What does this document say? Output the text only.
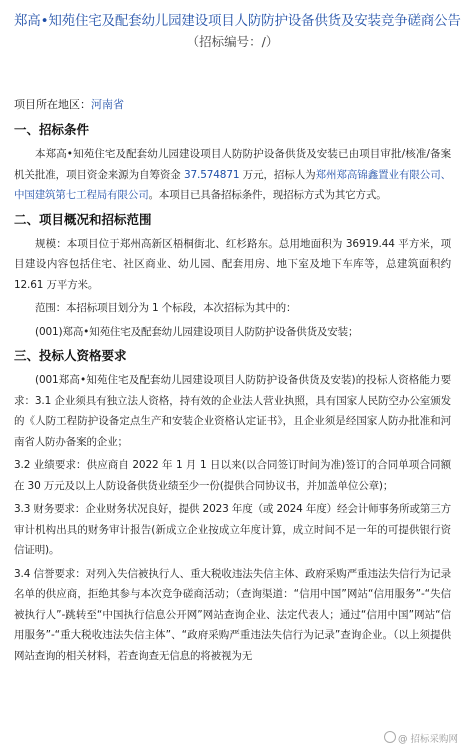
郑高•知苑住宅及配套幼儿园建设项目人防防护设备供货及安装竞争磋商公告

（招标编号：/）

项目所在地区：河南省

一、招标条件

本郑高•知苑住宅及配套幼儿园建设项目人防防护设备供货及安装已由项目审批/核准/备案机关批准，项目资金来源为自筹资金 37.574871 万元，招标人为郑州郑高锦鑫置业有限公司、中国建筑第七工程局有限公司。本项目已具备招标条件，现招标方式为其它方式。

二、项目概况和招标范围

规模：本项目位于郑州高新区梧桐街北、红杉路东。总用地面积为 36919.44 平方米，项目建设内容包括住宅、社区商业、幼儿园、配套用房、地下室及地下车库等，总建筑面积约 12.61 万平方米。

范围：本招标项目划分为 1 个标段，本次招标为其中的：

(001)郑高•知苑住宅及配套幼儿园建设项目人防防护设备供货及安装；

三、投标人资格要求

(001郑高•知苑住宅及配套幼儿园建设项目人防防护设备供货及安装)的投标人资格能力要求：3.1 企业须具有独立法人资格，持有效的企业法人营业执照，具有国家人民防空办公室颁发的《人防工程防护设备定点生产和安装企业资格认定证书》，且企业须是经国家人防办批准和河南省人防办备案的企业；

3.2 业绩要求：供应商自 2022 年 1 月 1 日以来(以合同签订时间为准)签订的合同单项合同额在 30 万元及以上人防设备供货业绩至少一份(提供合同协议书，并加盖单位公章)；

3.3 财务要求：企业财务状况良好，提供 2023 年度（或 2024 年度）经会计师事务所或第三方审计机构出具的财务审计报告(新成立企业按成立年度计算，成立时间不足一年的可提供银行资信证明)。

3.4 信誉要求：对列入失信被执行人、重大税收违法失信主体、政府采购严重违法失信行为记录名单的供应商，拒绝其参与本次竞争磋商活动；（查询渠道：“信用中国”网站“信用服务”-“失信被执行人”-跳转至“中国执行信息公开网”网站查询企业、法定代表人；通过“信用中国”网站“信用服务”-“重大税收违法失信主体”、“政府采购严重违法失信行为记录”查询企业。（以上须提供网站查询的相关材料，若查询查无信息的将被视为无

@ 招标采购网
